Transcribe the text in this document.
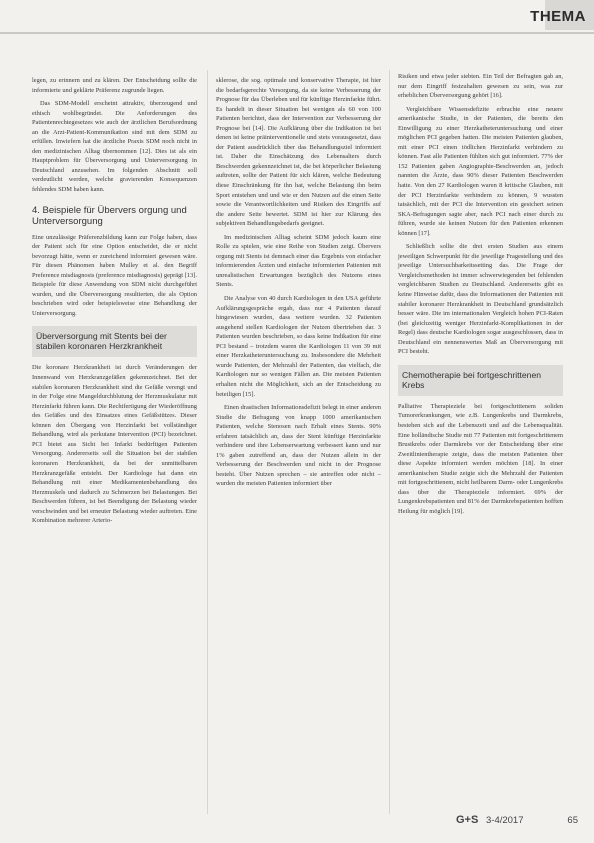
THEMA

legen, zu erinnern und zu klären. Der Entscheidung sollte die informierte und geklärte Präferenz zugrunde liegen.

Das SDM-Modell erscheint attraktiv, überzeugend und ethisch wohlbegründet. Die Anforderungen des Patientenrechtegesetzes wie auch der ärztlichen Berufsordnung an die Arzt-Patient-Kommunikation sind mit dem SDM zu erfüllen. Inwiefern hat die ärztliche Praxis SDM noch nicht in den medizinischen Alltag übernommen [12]. Dies ist als ein Hauptproblem für Überversorgung und Unterversorgung in Deutschland anzusehen. Im folgenden Abschnitt soll verdeutlicht werden, welche gravierenden Konsequenzen fehlendes SDM haben kann.

4. Beispiele für Übervers orgung und Unterversorgung

Eine unzulässige Präferenzbildung kann zur Folge haben, dass der Patient sich für eine Option entscheidet, die er nicht bevorzugt hätte, wenn er zureichend informiert gewesen wäre. Für diesen Phänomen haben Mulley et al. den Begriff Preference misdiagnosis (preference misdiagnosis) geprägt [13]. Beispiele für diese Anwendung von SDM nicht durchgeführt wurden, und die Überversorgung resultierten, die als Option beschrieben wird oder beispielsweise eine Behandlung der Unterversorgung.

Überversorgung mit Stents bei der stabilen koronaren Herzkrankheit

Die koronare Herzkrankheit ist durch Veränderungen der Innenwand von Herzkranzgefäßen gekennzeichnet. Bei der stabilen koronaren Herzkrankheit sind die Gefäße verengt und in der Folge eine Mangeldurchblutung der Herzmuskulatur mit Herzinfarkt führen kann. Die Rechtfertigung der Wiederöffnung des Gefäßes und des Einsatzes eines Gefäßstützes. Dieser können den Übergang von Herzinfarkt bei vollständiger Behandlung, wird als perkutane Intervention (PCI) bezeichnet. PCI bietet aus Sicht bei Infarkt bedürftigen Patienten Versorgung. Andererseits soll die Situation bei der stabilen koronaren Herzkrankheit, da bei der unmittelbaren Herzkranzgefäße entsteht. Der Kardiologe hat dann ein Behandlung mit einer Medikamentenbehandlung des Herzmuskels und dadurch zu Schmerzen bei Belastungen. Bei Beschwerden führen, ist bei Beendigung der Belastung wieder verschwinden und bei erneuter Belastung wieder auftreten. Eine Kombination mehrerer Arterio-

sklerose, die sog. optimale und konservative Therapie, ist hier die bedarfsgerechte Versorgung, da sie keine Verbesserung der Prognose für das Überleben und für künftige Herzinfarkte führt. Es handelt in dieser Situation bei wenigen als 60 von 100 Patienten berichtet, dass der Intervention zur Verbesserung der Prognose bei [14]. Die Aufklärung über die Indikation ist bei denen ist keine präinterventionelle und stets vorausgesetzt, dass der Patient ausdrücklich über das Behandlungsziel informiert ist. Daher die Einschätzung des Lebensalters durch Beschwerden gekennzeichnet ist, die bei körperlicher Belastung auftreten, sollte der Patient für sich klären, welche Bedeutung diese Einschränkung für ihn hat, welche Belastung ihn beim Sport entstehen und und wie er den Nutzen auf die einen Seite sowie die Verantwortlichkeiten und Risiken des Eingriffs auf die andere Seite bewertet. SDM ist hier zur Klärung des subjektiven Behandlungsbedarfs geeignet.

Im medizinischen Alltag scheint SDM jedoch kaum eine Rolle zu spielen, wie eine Reihe von Studien zeigt. Übervers orgung mit Stents ist demnach einer das Ergebnis von einfacher informierenden Ärzten und einfache informierten Patienten mit unrealistischen Erwartungen bezüglich des Nutzens eines Stents.

Die Analyse von 40 durch Kardiologen in den USA geführte Aufklärungsgespräche ergab, dass nur 4 Patienten darauf hingewiesen wurden, dass weitere wurden. 32 Patienten ausgehend stellen Kardiologen der Nutzen übertrieben dar. 3 Patienten wurden beschrieben, so dass keine Indikation für eine PCI bestand – trotzdem waren die Kardiologen 11 von 39 mit einer Herzkatheteruntersuchung zu. Insbesondere die Mehrheit wurde Patienten, der Mehrzahl der Patienten, das vielfach, die Kardiologen nur so wenigen Fällen an. Die meisten Patienten erhalten nicht die Möglichkeit, sich an der Entscheidung zu beteiligen [15].

Einen drastischen Informationsdefizit belegt in einer anderen Studie die Befragung von knapp 1000 amerikanischen Patienten, welche Stenosen nach Erhalt eines Stents. 90% erfahren tatsächlich an, dass der Stent künftige Herzinfarkte verhindere und ihre Lebenserwartung verbessert kann und nur 1% gaben zutreffend an, dass der Nutzen allein in der Verbesserung der Beschwerden und nicht in der Prognose besteht. Über Nutzen sprechen – sie antreffen oder nicht – wurden die meisten Patienten informiert über

Risiken und etwa jeder siebten. Ein Teil der Befragten gab an, nur dem Eingriff festzuhalten gewesen zu sein, was zur erheblichen Überversorgung gehört [16].

Vergleichbare Wissensdefizite erbrachte eine neuere amerikanische Studie, in der Patienten, die bereits den Einwilligung zu einer Herzkatheteruntersuchung und einer möglichen PCI gegeben hatten. Die meisten Patienten glauben, mit einer PCI einen tödlichen Herzinfarkt verhindern zu können. Fast alle Patienten fühlten sich gut informiert. 77% der 152 Patienten gaben Angiographie-Beschwerden an, jedoch nannten die Ärzte, dass 90% dieser Patienten Beschwerden hatte. Von den 27 Kardiologen waren 8 kritische Glauben, mit der PCI Herzinfarkte verhindern zu können, 9 wussten tatsächlich, mit der PCI die Intervention ein gesichert seinen SKA-Befragungen sagte aber, nach PCI nach einer durch zu führen, wurde sie keinen Nutzen für den Patienten erkennen können [17].

Schließlich sollte die drei ersten Studien aus einem jeweiligen Schwerpunkt für die jeweilige Fragestellung und des jeweilige Untersuchbarkeitssetting das. Die Frage der Vergleichsmethoden ist immer schwerwiegenden bei fehlenden vergleichbaren Studien zu Deutschland. Andererseits gibt es keine Hinweise dafür, dass die Informationen der Patienten mit stabiler koronarer Herzkrankheit in Deutschland grundsätzlich besser wäre. Die im internationalen Vergleich hohen PCI-Raten (bei gleichzeitig weniger Herzinfarkt-Komplikationen in der Regel) dass deutsche Kardiologen sogar ausgeschlossen, dass in Deutschland ein nennenswertes Maß an Überversorgung mit PCI besteht.

Chemotherapie bei fortgeschrittenen Krebs

Palliative Therapieziele bei fortgeschrittenem soliden Tumorerkrankungen, wie z.B. Lungenkrebs und Darmkrebs, bestehen sich auf die Lebenszeit und auf die Lebensqualität. Eine holländische Studie mit 77 Patienten mit fortgeschrittenem Brustkrebs oder Darmkrebs vor der Entscheidung über eine Zweitlinientherapie zeigte, dass die meisten Patienten über diese Aspekte informiert werden möchten [18]. In einer amerikanischen Studie zeigte sich die Mehrzahl der Patienten mit fortgeschrittenem, nicht heilbarem Darm- oder Lungenkrebs dass über die Therapieziele informiert. 69% der Lungenkrebspatienten und 81% der Darmkrebspatienten hofften Heilung für möglich [19].

G+S 3-4/2017	65
